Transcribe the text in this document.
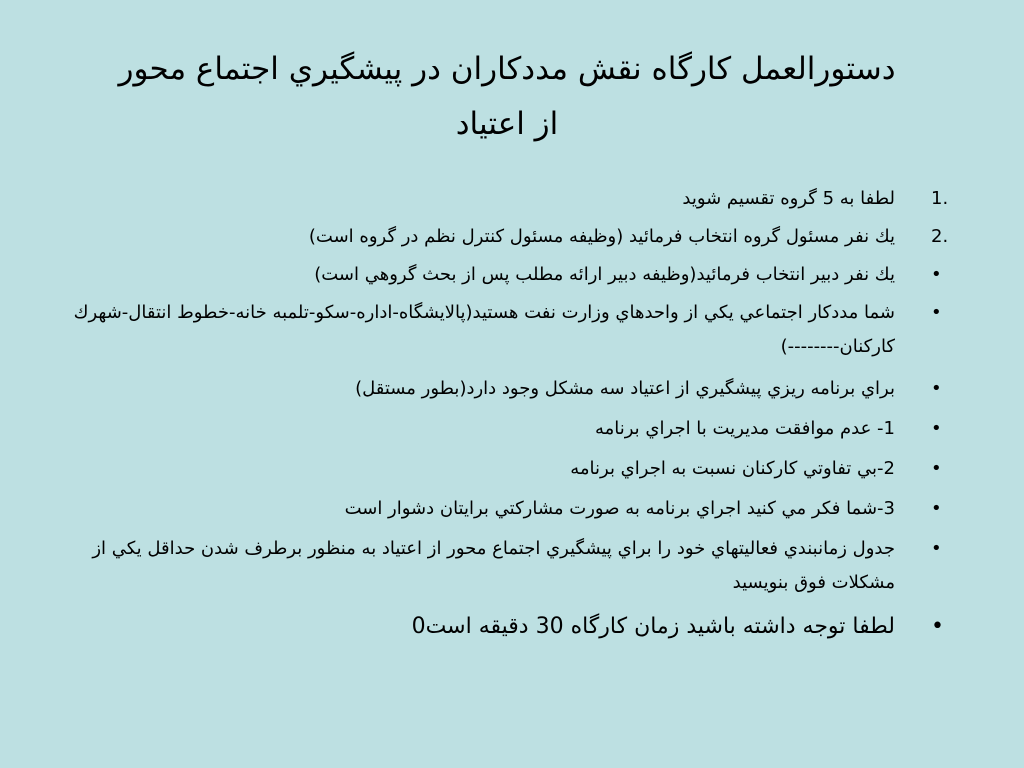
دستورالعمل كارگاه نقش مددكاران در پيشگيري اجتماع محور
از اعتياد
1.
لطفا به 5 گروه تقسيم شويد
2.
يك نفر مسئول گروه انتخاب فرمائيد (وظيفه مسئول كنترل نظم در گروه است)
•
يك نفر دبير انتخاب فرمائيد(وظيفه دبير ارائه مطلب پس از بحث گروهي است)
•
شما مددكار اجتماعي يكي از واحدهاي وزارت نفت هستيد(پالايشگاه-اداره-سكو-تلمبه خانه-خطوط انتقال-شهرك كاركنان--------)
•
براي برنامه ريزي پيشگيري از اعتياد سه مشكل وجود دارد(بطور مستقل)
•
1- عدم موافقت مديريت با اجراي برنامه
•
2-بي تفاوتي كاركنان نسبت به اجراي برنامه
•
3-شما فكر مي كنيد اجراي برنامه به صورت مشاركتي برايتان دشوار است
•
جدول زمانبندي فعاليتهاي خود را براي پيشگيري اجتماع محور از اعتياد به منظور برطرف شدن حداقل يكي از مشكلات فوق بنويسيد
•
لطفا توجه داشته باشيد زمان كارگاه 30 دقيقه است0
